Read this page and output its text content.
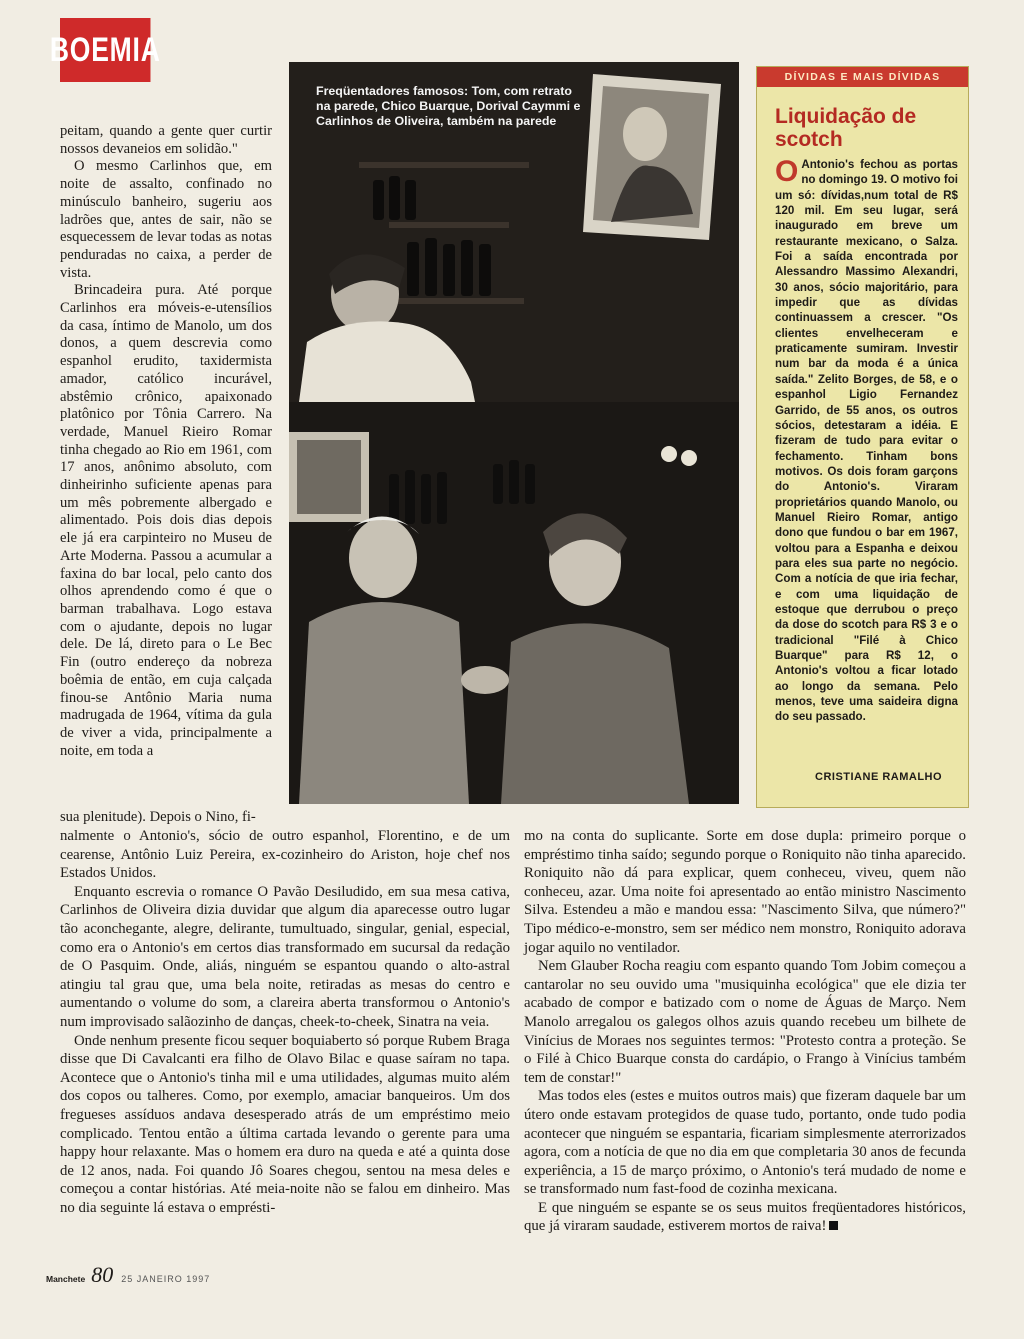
BOEMIA

peitam, quando a gente quer curtir nossos devaneios em solidão."

O mesmo Carlinhos que, em noite de assalto, confinado no minúsculo banheiro, sugeriu aos ladrões que, antes de sair, não se esquecessem de levar todas as notas penduradas no caixa, a perder de vista.

Brincadeira pura. Até porque Carlinhos era móveis-e-utensílios da casa, íntimo de Manolo, um dos donos, a quem descrevia como espanhol erudito, taxidermista amador, católico incurável, abstêmio crônico, apaixonado platônico por Tônia Carrero. Na verdade, Manuel Rieiro Romar tinha chegado ao Rio em 1961, com 17 anos, anônimo absoluto, com dinheirinho suficiente apenas para um mês pobremente albergado e alimentado. Pois dois dias depois ele já era carpinteiro no Museu de Arte Moderna. Passou a acumular a faxina do bar local, pelo canto dos olhos aprendendo como é que o barman trabalhava. Logo estava com o ajudante, depois no lugar dele. De lá, direto para o Le Bec Fin (outro endereço da nobreza boêmia de então, em cuja calçada finou-se Antônio Maria numa madrugada de 1964, vítima da gula de viver a vida, principalmente a noite, em toda a

sua plenitude). Depois o Nino, fi-

Freqüentadores famosos: Tom, com retrato na parede, Chico Buarque, Dorival Caymmi e Carlinhos de Oliveira, também na parede
DÍVIDAS E MAIS DÍVIDAS
Liquidação de scotch
O Antonio's fechou as portas no domingo 19. O motivo foi um só: dívidas,num total de R$ 120 mil. Em seu lugar, será inaugurado em breve um restaurante mexicano, o Salza. Foi a saída encontrada por Alessandro Massimo Alexandri, 30 anos, sócio majoritário, para impedir que as dívidas continuassem a crescer. "Os clientes envelheceram e praticamente sumiram. Investir num bar da moda é a única saída." Zelito Borges, de 58, e o espanhol Ligio Fernandez Garrido, de 55 anos, os outros sócios, detestaram a idéia. E fizeram de tudo para evitar o fechamento. Tinham bons motivos. Os dois foram garçons do Antonio's. Viraram proprietários quando Manolo, ou Manuel Rieiro Romar, antigo dono que fundou o bar em 1967, voltou para a Espanha e deixou para eles sua parte no negócio. Com a notícia de que iria fechar, e com uma liquidação de estoque que derrubou o preço da dose do scotch para R$ 3 e o tradicional "Filé à Chico Buarque" para R$ 12, o Antonio's voltou a ficar lotado ao longo da semana. Pelo menos, teve uma saideira digna do seu passado.
CRISTIANE RAMALHO

nalmente o Antonio's, sócio de outro espanhol, Florentino, e de um cearense, Antônio Luiz Pereira, ex-cozinheiro do Ariston, hoje chef nos Estados Unidos.

Enquanto escrevia o romance O Pavão Desiludido, em sua mesa cativa, Carlinhos de Oliveira dizia duvidar que algum dia aparecesse outro lugar tão aconchegante, alegre, delirante, tumultuado, singular, genial, especial, como era o Antonio's em certos dias transformado em sucursal da redação de O Pasquim. Onde, aliás, ninguém se espantou quando o alto-astral atingiu tal grau que, uma bela noite, retiradas as mesas do centro e aumentando o volume do som, a clareira aberta transformou o Antonio's num improvisado salãozinho de danças, cheek-to-cheek, Sinatra na veia.

Onde nenhum presente ficou sequer boquiaberto só porque Rubem Braga disse que Di Cavalcanti era filho de Olavo Bilac e quase saíram no tapa. Acontece que o Antonio's tinha mil e uma utilidades, algumas muito além dos copos ou talheres. Como, por exemplo, amaciar banqueiros. Um dos fregueses assíduos andava desesperado atrás de um empréstimo meio complicado. Tentou então a última cartada levando o gerente para uma happy hour relaxante. Mas o homem era duro na queda e até a quinta dose de 12 anos, nada. Foi quando Jô Soares chegou, sentou na mesa deles e começou a contar histórias. Até meia-noite não se falou em dinheiro. Mas no dia seguinte lá estava o emprésti-

mo na conta do suplicante. Sorte em dose dupla: primeiro porque o empréstimo tinha saído; segundo porque o Roniquito não tinha aparecido. Roniquito não dá para explicar, quem conheceu, viveu, quem não conheceu, azar. Uma noite foi apresentado ao então ministro Nascimento Silva. Estendeu a mão e mandou essa: "Nascimento Silva, que número?" Tipo médico-e-monstro, sem ser médico nem monstro, Roniquito adorava jogar aquilo no ventilador.

Nem Glauber Rocha reagiu com espanto quando Tom Jobim começou a cantarolar no seu ouvido uma "musiquinha ecológica" que ele dizia ter acabado de compor e batizado com o nome de Águas de Março. Nem Manolo arregalou os galegos olhos azuis quando recebeu um bilhete de Vinícius de Moraes nos seguintes termos: "Protesto contra a proteção. Se o Filé à Chico Buarque consta do cardápio, o Frango à Vinícius também tem de constar!"

Mas todos eles (estes e muitos outros mais) que fizeram daquele bar um útero onde estavam protegidos de quase tudo, portanto, onde tudo podia acontecer que ninguém se espantaria, ficariam simplesmente aterrorizados agora, com a notícia de que no dia em que completaria 30 anos de fecunda experiência, a 15 de março próximo, o Antonio's terá mudado de nome e se transformado num fast-food de cozinha mexicana.

E que ninguém se espante se os seus muitos freqüentadores históricos, que já viraram saudade, estiverem mortos de raiva!

Manchete 80 25 JANEIRO 1997
